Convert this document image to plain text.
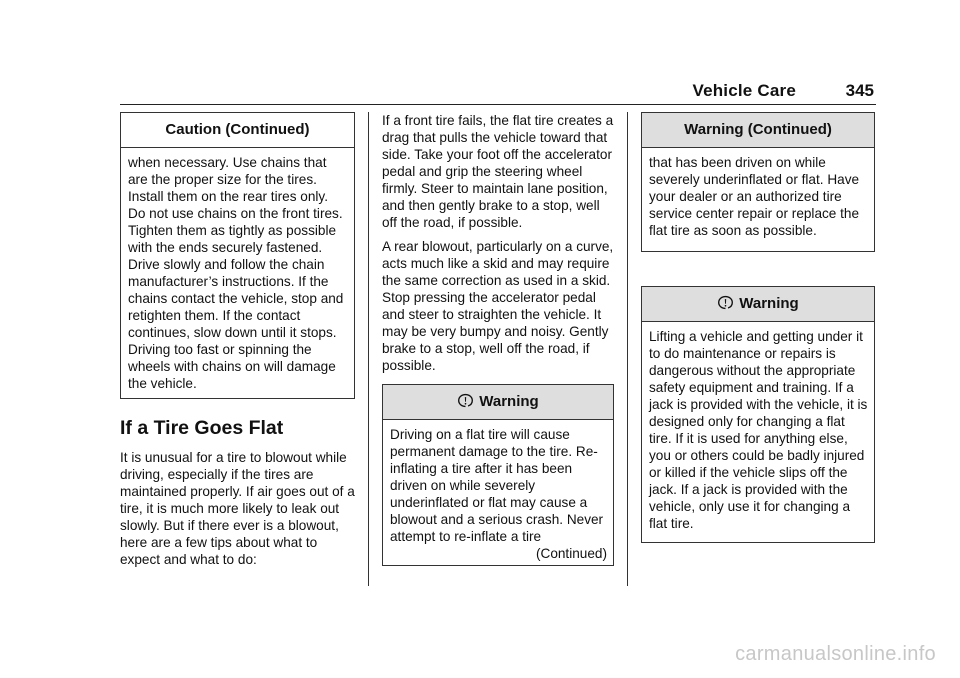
Vehicle Care	345
Caution (Continued)

when necessary. Use chains that are the proper size for the tires. Install them on the rear tires only. Do not use chains on the front tires. Tighten them as tightly as possible with the ends securely fastened. Drive slowly and follow the chain manufacturer’s instructions. If the chains contact the vehicle, stop and retighten them. If the contact continues, slow down until it stops. Driving too fast or spinning the wheels with chains on will damage the vehicle.

If a Tire Goes Flat

It is unusual for a tire to blowout while driving, especially if the tires are maintained properly. If air goes out of a tire, it is much more likely to leak out slowly. But if there ever is a blowout, here are a few tips about what to expect and what to do:

If a front tire fails, the flat tire creates a drag that pulls the vehicle toward that side. Take your foot off the accelerator pedal and grip the steering wheel firmly. Steer to maintain lane position, and then gently brake to a stop, well off the road, if possible.

A rear blowout, particularly on a curve, acts much like a skid and may require the same correction as used in a skid. Stop pressing the accelerator pedal and steer to straighten the vehicle. It may be very bumpy and noisy. Gently brake to a stop, well off the road, if possible.

Warning

Driving on a flat tire will cause permanent damage to the tire. Re-inflating a tire after it has been driven on while severely underinflated or flat may cause a blowout and a serious crash. Never attempt to re-inflate a tire

(Continued)
Warning (Continued)

that has been driven on while severely underinflated or flat. Have your dealer or an authorized tire service center repair or replace the flat tire as soon as possible.

Warning

Lifting a vehicle and getting under it to do maintenance or repairs is dangerous without the appropriate safety equipment and training. If a jack is provided with the vehicle, it is designed only for changing a flat tire. If it is used for anything else, you or others could be badly injured or killed if the vehicle slips off the jack. If a jack is provided with the vehicle, only use it for changing a flat tire.

carmanualsonline.info
